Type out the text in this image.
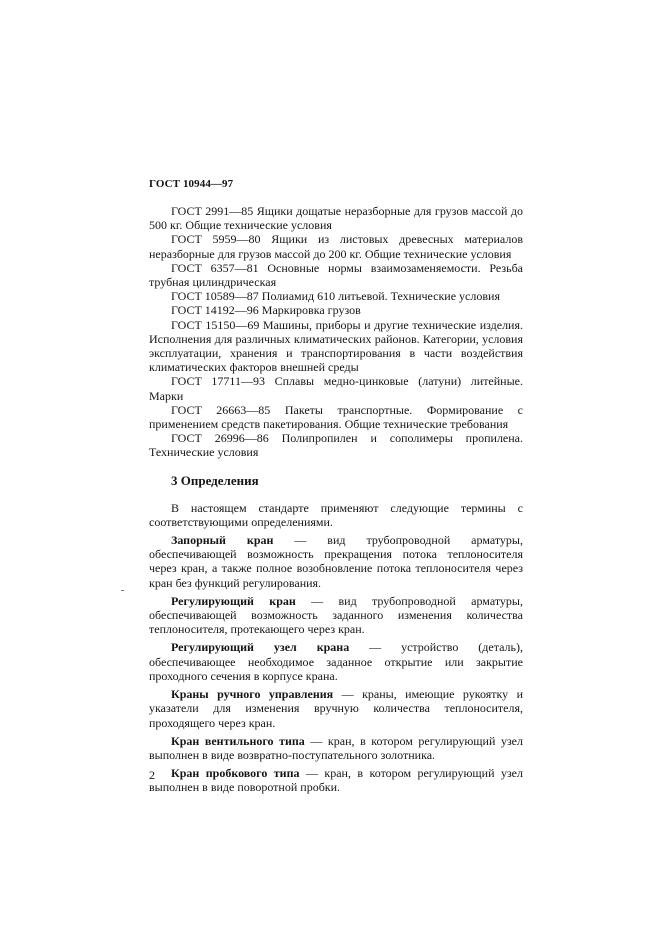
ГОСТ 10944—97

ГОСТ 2991—85 Ящики дощатые неразборные для грузов массой до 500 кг. Общие технические условия

ГОСТ 5959—80 Ящики из листовых древесных материалов неразборные для грузов массой до 200 кг. Общие технические условия

ГОСТ 6357—81 Основные нормы взаимозаменяемости. Резьба трубная цилиндрическая

ГОСТ 10589—87 Полиамид 610 литьевой. Технические условия

ГОСТ 14192—96 Маркировка грузов

ГОСТ 15150—69 Машины, приборы и другие технические изделия. Исполнения для различных климатических районов. Категории, условия эксплуатации, хранения и транспортирования в части воздействия климатических факторов внешней среды

ГОСТ 17711—93 Сплавы медно-цинковые (латуни) литейные. Марки

ГОСТ 26663—85 Пакеты транспортные. Формирование с применением средств пакетирования. Общие технические требования

ГОСТ 26996—86 Полипропилен и сополимеры пропилена. Технические условия

3 Определения

В настоящем стандарте применяют следующие термины с соответствующими определениями.

Запорный кран — вид трубопроводной арматуры, обеспечивающей возможность прекращения потока теплоносителя через кран, а также полное возобновление потока теплоносителя через кран без функций регулирования.

Регулирующий кран — вид трубопроводной арматуры, обеспечивающей возможность заданного изменения количества теплоносителя, протекающего через кран.

Регулирующий узел крана — устройство (деталь), обеспечивающее необходимое заданное открытие или закрытие проходного сечения в корпусе крана.

Краны ручного управления — краны, имеющие рукоятку и указатели для изменения вручную количества теплоносителя, проходящего через кран.

Кран вентильного типа — кран, в котором регулирующий узел выполнен в виде возвратно-поступательного золотника.

Кран пробкового типа — кран, в котором регулирующий узел выполнен в виде поворотной пробки.

2
